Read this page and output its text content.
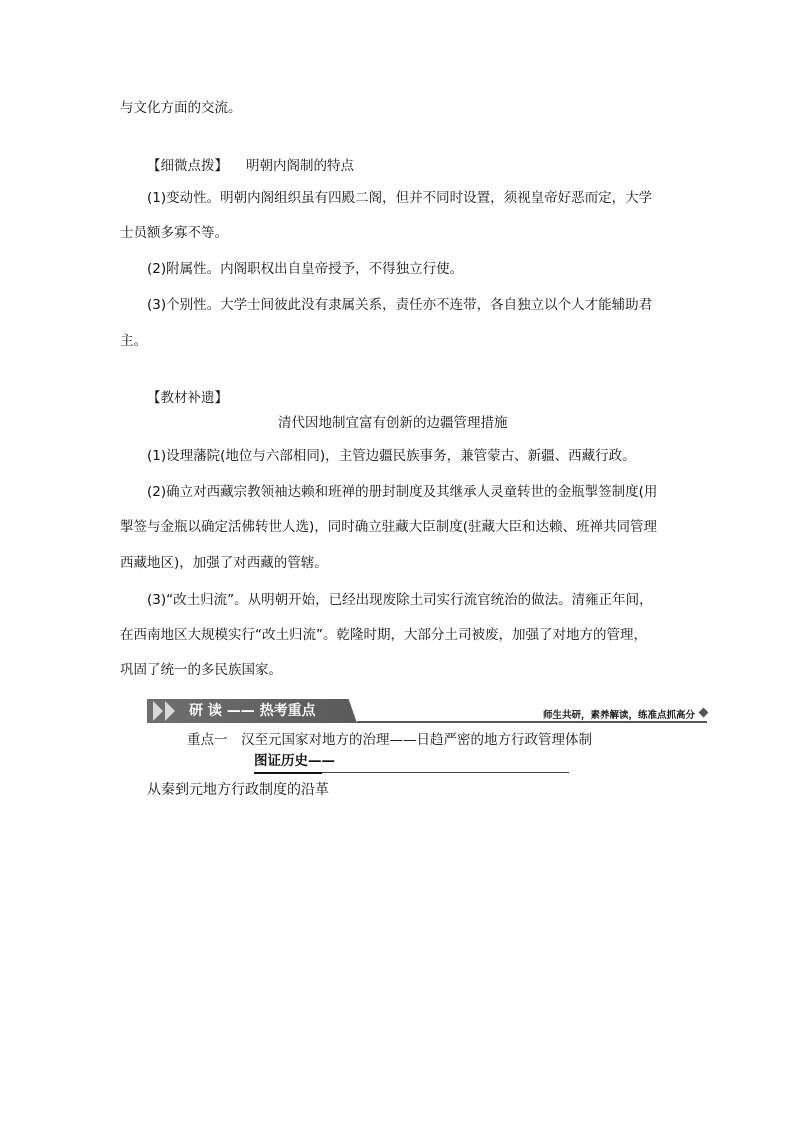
与文化方面的交流。
【细微点拨】 明朝内阁制的特点
(1)变动性。明朝内阁组织虽有四殿二阁，但并不同时设置，须视皇帝好恶而定，大学
士员额多寡不等。
(2)附属性。内阁职权出自皇帝授予，不得独立行使。
(3)个别性。大学士间彼此没有隶属关系，责任亦不连带，各自独立以个人才能辅助君
主。
【教材补遗】
清代因地制宜富有创新的边疆管理措施
(1)设理藩院(地位与六部相同)，主管边疆民族事务，兼管蒙古、新疆、西藏行政。
(2)确立对西藏宗教领袖达赖和班禅的册封制度及其继承人灵童转世的金瓶掣签制度(用
掣签与金瓶以确定活佛转世人选)，同时确立驻藏大臣制度(驻藏大臣和达赖、班禅共同管理
西藏地区)，加强了对西藏的管辖。
(3)“改土归流”。从明朝开始，已经出现废除土司实行流官统治的做法。清雍正年间，
在西南地区大规模实行“改土归流”。乾隆时期，大部分土司被废，加强了对地方的管理，
巩固了统一的多民族国家。
研 读 —— 热考重点	师生共研，素养解读，练准点抓高分
重点一　汉至元国家对地方的治理——日趋严密的地方行政管理体制
图证历史——
从秦到元地方行政制度的沿革
